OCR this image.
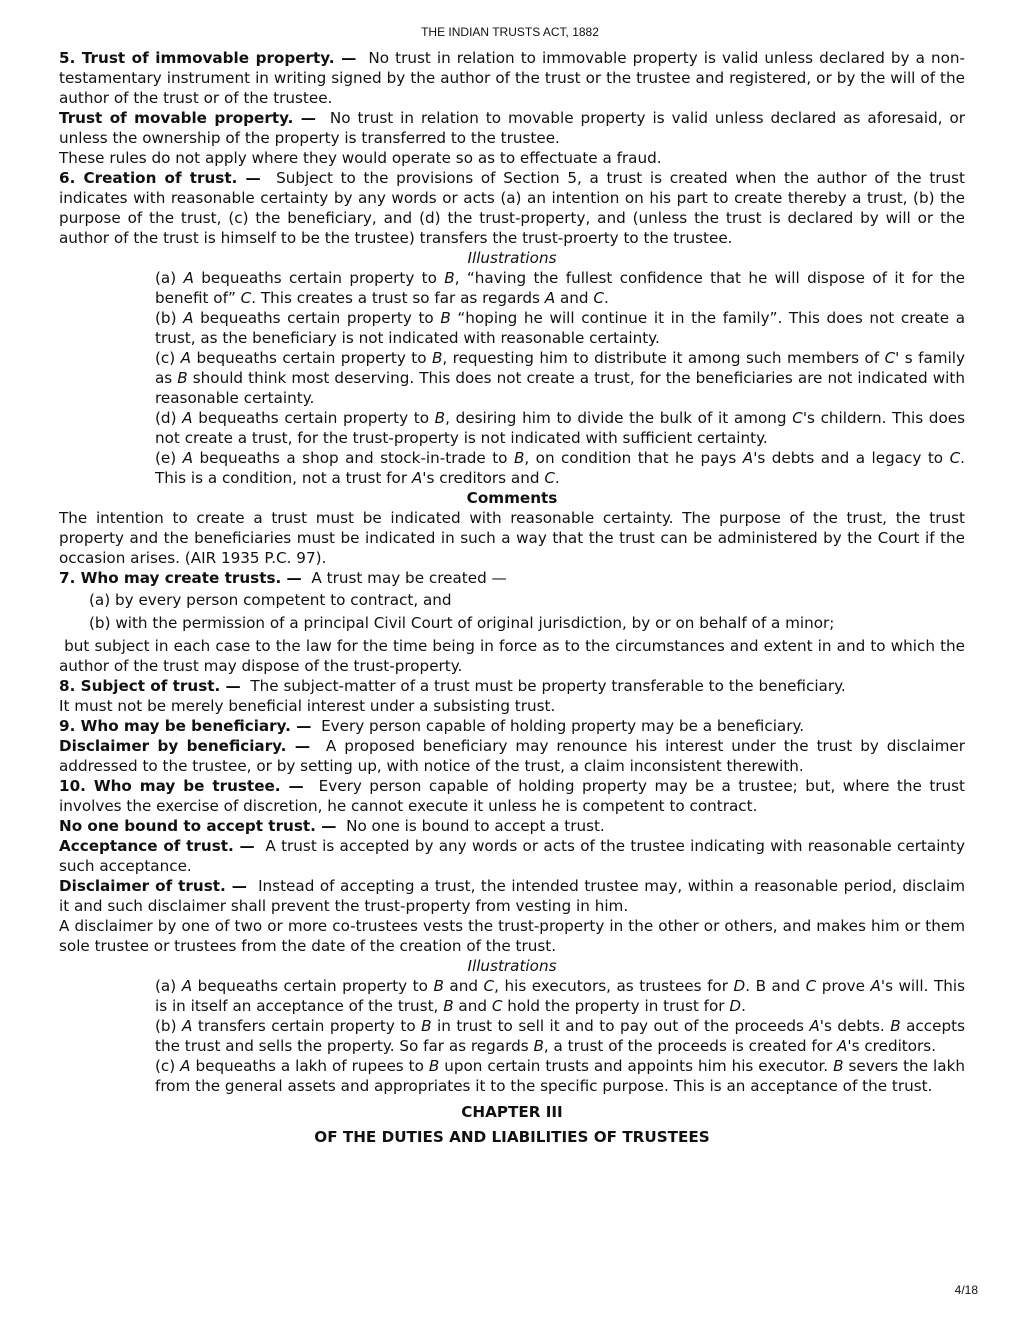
THE INDIAN TRUSTS ACT, 1882

5. Trust of immovable property. — No trust in relation to immovable property is valid unless declared by a non-testamentary instrument in writing signed by the author of the trust or the trustee and registered, or by the will of the author of the trust or of the trustee.

Trust of movable property. — No trust in relation to movable property is valid unless declared as aforesaid, or unless the ownership of the property is transferred to the trustee.

These rules do not apply where they would operate so as to effectuate a fraud.

6. Creation of trust. — Subject to the provisions of Section 5, a trust is created when the author of the trust indicates with reasonable certainty by any words or acts (a) an intention on his part to create thereby a trust, (b) the purpose of the trust, (c) the beneficiary, and (d) the trust-property, and (unless the trust is declared by will or the author of the trust is himself to be the trustee) transfers the trust-proerty to the trustee.

Illustrations

(a) A bequeaths certain property to B, “having the fullest confidence that he will dispose of it for the benefit of” C. This creates a trust so far as regards A and C.

(b) A bequeaths certain property to B “hoping he will continue it in the family”. This does not create a trust, as the beneficiary is not indicated with reasonable certainty.

(c) A bequeaths certain property to B, requesting him to distribute it among such members of C' s family as B should think most deserving. This does not create a trust, for the beneficiaries are not indicated with reasonable certainty.

(d) A bequeaths certain property to B, desiring him to divide the bulk of it among C's childern. This does not create a trust, for the trust-property is not indicated with sufficient certainty.

(e) A bequeaths a shop and stock-in-trade to B, on condition that he pays A's debts and a legacy to C. This is a condition, not a trust for A's creditors and C.

Comments

The intention to create a trust must be indicated with reasonable certainty. The purpose of the trust, the trust property and the beneficiaries must be indicated in such a way that the trust can be administered by the Court if the occasion arises. (AIR 1935 P.C. 97).

7. Who may create trusts. — A trust may be created —

(a) by every person competent to contract, and

(b) with the permission of a principal Civil Court of original jurisdiction, by or on behalf of a minor;

but subject in each case to the law for the time being in force as to the circumstances and extent in and to which the author of the trust may dispose of the trust-property.

8. Subject of trust. — The subject-matter of a trust must be property transferable to the beneficiary.

It must not be merely beneficial interest under a subsisting trust.

9. Who may be beneficiary. — Every person capable of holding property may be a beneficiary.

Disclaimer by beneficiary. — A proposed beneficiary may renounce his interest under the trust by disclaimer addressed to the trustee, or by setting up, with notice of the trust, a claim inconsistent therewith.

10. Who may be trustee. — Every person capable of holding property may be a trustee; but, where the trust involves the exercise of discretion, he cannot execute it unless he is competent to contract.

No one bound to accept trust. — No one is bound to accept a trust.

Acceptance of trust. — A trust is accepted by any words or acts of the trustee indicating with reasonable certainty such acceptance.

Disclaimer of trust. — Instead of accepting a trust, the intended trustee may, within a reasonable period, disclaim it and such disclaimer shall prevent the trust-property from vesting in him.

A disclaimer by one of two or more co-trustees vests the trust-property in the other or others, and makes him or them sole trustee or trustees from the date of the creation of the trust.

Illustrations

(a) A bequeaths certain property to B and C, his executors, as trustees for D. B and C prove A's will. This is in itself an acceptance of the trust, B and C hold the property in trust for D.

(b) A transfers certain property to B in trust to sell it and to pay out of the proceeds A's debts. B accepts the trust and sells the property. So far as regards B, a trust of the proceeds is created for A's creditors.

(c) A bequeaths a lakh of rupees to B upon certain trusts and appoints him his executor. B severs the lakh from the general assets and appropriates it to the specific purpose. This is an acceptance of the trust.

CHAPTER III

OF THE DUTIES AND LIABILITIES OF TRUSTEES

4/18
